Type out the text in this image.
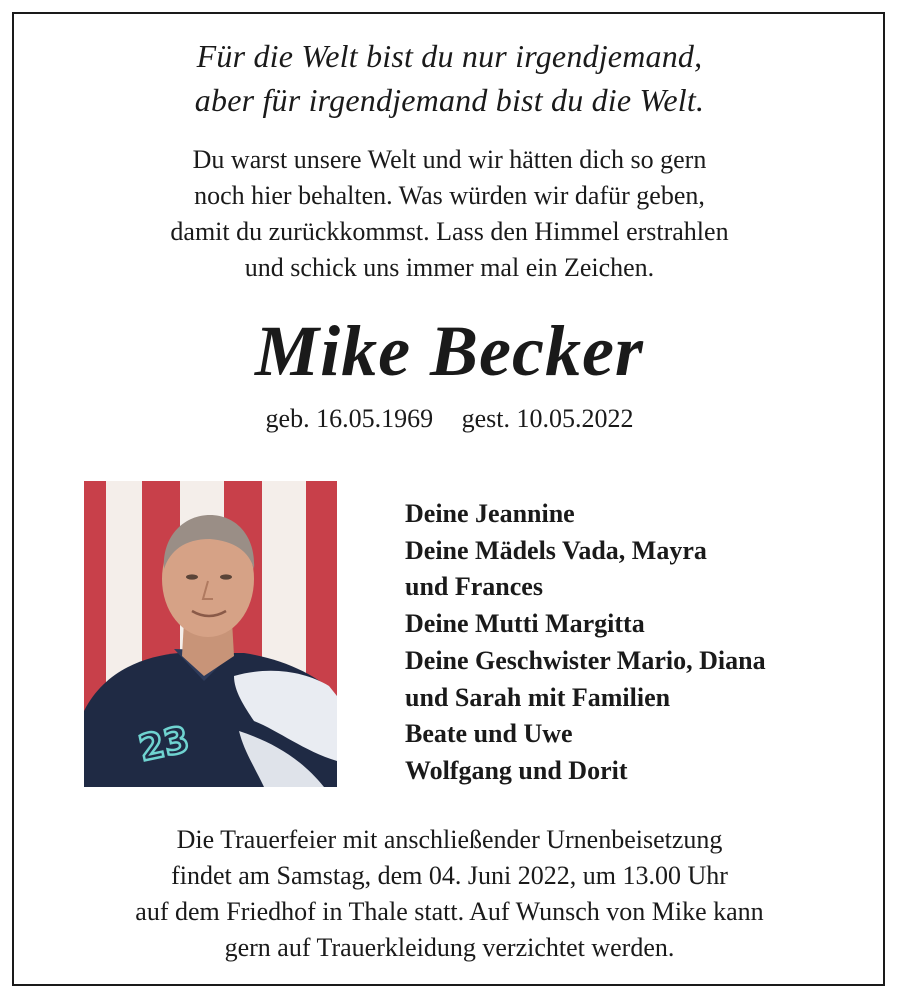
Für die Welt bist du nur irgendjemand,
aber für irgendjemand bist du die Welt.
Du warst unsere Welt und wir hätten dich so gern
noch hier behalten. Was würden wir dafür geben,
damit du zurückkommst. Lass den Himmel erstrahlen
und schick uns immer mal ein Zeichen.
Mike Becker
geb. 16.05.1969 gest. 10.05.2022
23
Deine Jeannine
Deine Mädels Vada, Mayra
und Frances
Deine Mutti Margitta
Deine Geschwister Mario, Diana
und Sarah mit Familien
Beate und Uwe
Wolfgang und Dorit
Die Trauerfeier mit anschließender Urnenbeisetzung
findet am Samstag, dem 04. Juni 2022, um 13.00 Uhr
auf dem Friedhof in Thale statt. Auf Wunsch von Mike kann
gern auf Trauerkleidung verzichtet werden.
